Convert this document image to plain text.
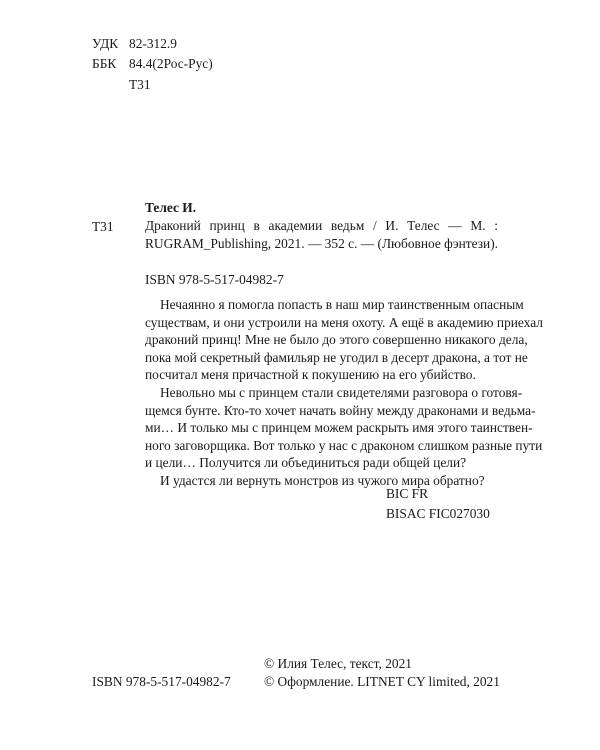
УДК 82-312.9
ББК 84.4(2Рос-Рус)
Т31
Т31
Телес И.
Драконий принц в академии ведьм / И. Телес — М. :
RUGRAM_Publishing, 2021. — 352 с. — (Любовное фэнтези).
ISBN 978-5-517-04982-7
Нечаянно я помогла попасть в наш мир таинственным опасным
существам, и они устроили на меня охоту. А ещё в академию приехал
драконий принц! Мне не было до этого совершенно никакого дела,
пока мой секретный фамильяр не угодил в десерт дракона, а тот не
посчитал меня причастной к покушению на его убийство.
Невольно мы с принцем стали свидетелями разговора о готовя-
щемся бунте. Кто-то хочет начать войну между драконами и ведьма-
ми… И только мы с принцем можем раскрыть имя этого таинствен-
ного заговорщика. Вот только у нас с драконом слишком разные пути
и цели… Получится ли объединиться ради общей цели?
И удастся ли вернуть монстров из чужого мира обратно?
BIC FR
BISAC FIC027030
© Илия Телес, текст, 2021
ISBN 978-5-517-04982-7 © Оформление. LITNET CY limited, 2021
